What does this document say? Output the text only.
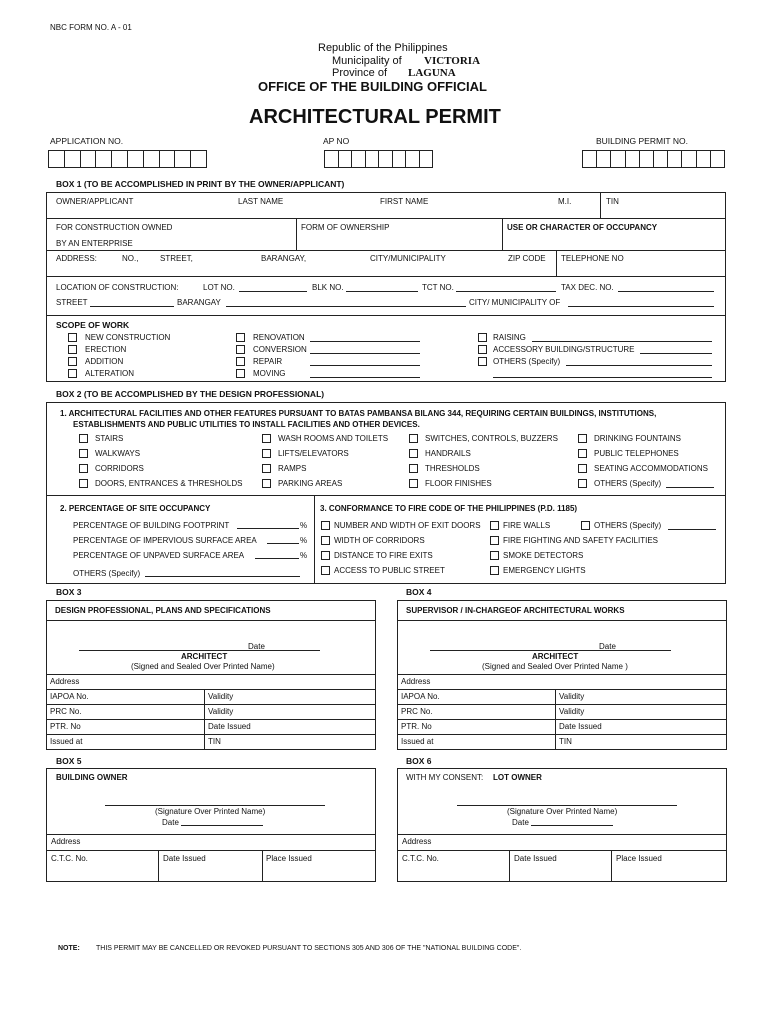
NBC FORM NO. A - 01
Republic of the Philippines
Municipality of VICTORIA
Province of LAGUNA
OFFICE OF THE BUILDING OFFICIAL
ARCHITECTURAL PERMIT
APPLICATION NO.	AP NO	BUILDING PERMIT NO.
BOX 1 (TO BE ACCOMPLISHED IN PRINT BY THE OWNER/APPLICANT)
OWNER/APPLICANT	LAST NAME	FIRST NAME	M.I.	TIN
FOR CONSTRUCTION OWNED
BY AN ENTERPRISE
FORM OF OWNERSHIP	USE OR CHARACTER OF OCCUPANCY
ADDRESS:	NO.,	STREET,	BARANGAY,	CITY/MUNICIPALITY	ZIP CODE TELEPHONE NO
LOCATION OF CONSTRUCTION:	LOT NO.	BLK NO.	TCT NO.	TAX DEC. NO.
STREET	BARANGAY	CITY/ MUNICIPALITY OF
SCOPE OF WORK
BOX 2 (TO BE ACCOMPLISHED BY THE DESIGN PROFESSIONAL)
1. ARCHITECTURAL FACILITIES AND OTHER FEATURES PURSUANT TO BATAS PAMBANSA BILANG 344, REQUIRING CERTAIN BUILDINGS, INSTITUTIONS,
ESTABLISHMENTS AND PUBLIC UTILITIES TO INSTALL FACILITIES AND OTHER DEVICES.
2. PERCENTAGE OF SITE OCCUPANCY
OTHERS (Specify)
3. CONFORMANCE TO FIRE CODE OF THE PHILIPPINES (P.D. 1185)
OTHERS (Specify)
BOX 3	BOX 4
BOX 5	BOX 6
BUILDING OWNER
(Signature Over Printed Name)
Date
Address
C.T.C. No.	Date Issued	Place Issued
WITH MY CONSENT: LOT OWNER
(Signature Over Printed Name)
Date
Address
C.T.C. No.	Date Issued	Place Issued
NOTE: THIS PERMIT MAY BE CANCELLED OR REVOKED PURSUANT TO SECTIONS 305 AND 306 OF THE "NATIONAL BUILDING CODE".
NEW CONSTRUCTION
ERECTION
ADDITION
ALTERATION
RENOVATION
CONVERSION
REPAIR
MOVING
RAISING
ACCESSORY BUILDING/STRUCTURE
OTHERS (Specify)
STAIRS
WALKWAYS
CORRIDORS
DOORS, ENTRANCES & THRESHOLDS
WASH ROOMS AND TOILETS
LIFTS/ELEVATORS
RAMPS
PARKING AREAS
SWITCHES, CONTROLS, BUZZERS
HANDRAILS
THRESHOLDS
FLOOR FINISHES
DRINKING FOUNTAINS
PUBLIC TELEPHONES
SEATING ACCOMMODATIONS
OTHERS (Specify)
PERCENTAGE OF BUILDING FOOTPRINT	%
PERCENTAGE OF IMPERVIOUS SURFACE AREA	%
PERCENTAGE OF UNPAVED SURFACE AREA	%
NUMBER AND WIDTH OF EXIT DOORS
WIDTH OF CORRIDORS
DISTANCE TO FIRE EXITS
ACCESS TO PUBLIC STREET
FIRE WALLS
FIRE FIGHTING AND SAFETY FACILITIES
SMOKE DETECTORS
EMERGENCY LIGHTS
DESIGN PROFESSIONAL, PLANS AND SPECIFICATIONS
Date
ARCHITECT
(Signed and Sealed Over Printed Name)
Address
IAPOA No.	Validity
PRC No.	Validity
PTR. No	Date Issued
Issued at	TIN
SUPERVISOR / IN-CHARGEOF ARCHITECTURAL WORKS
Date
ARCHITECT
(Signed and Sealed Over Printed Name )
Address
IAPOA No.	Validity
PRC No.	Validity
PTR. No	Date Issued
Issued at	TIN
